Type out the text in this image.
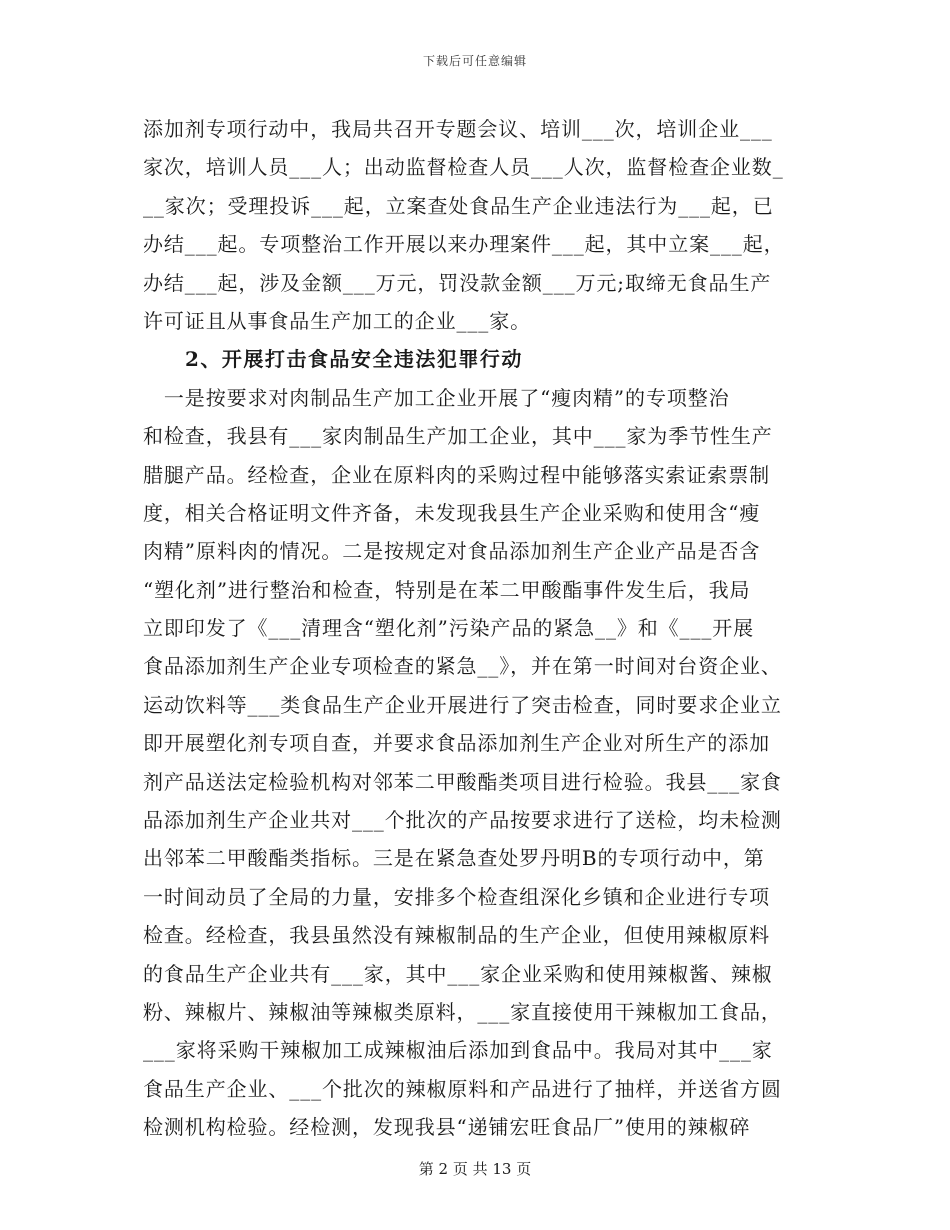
下载后可任意编辑
添加剂专项行动中，我局共召开专题会议、培训___次，培训企业___
家次，培训人员___人；出动监督检查人员___人次，监督检查企业数_
__家次；受理投诉___起，立案查处食品生产企业违法行为___起，已
办结___起。专项整治工作开展以来办理案件___起，其中立案___起，
办结___起，涉及金额___万元，罚没款金额___万元;取缔无食品生产
许可证且从事食品生产加工的企业___家。
2、开展打击食品安全违法犯罪行动
　一是按要求对肉制品生产加工企业开展了“瘦肉精”的专项整治
和检查，我县有___家肉制品生产加工企业，其中___家为季节性生产
腊腿产品。经检查，企业在原料肉的采购过程中能够落实索证索票制
度，相关合格证明文件齐备，未发现我县生产企业采购和使用含“瘦
肉精”原料肉的情况。二是按规定对食品添加剂生产企业产品是否含
“塑化剂”进行整治和检查，特别是在苯二甲酸酯事件发生后，我局
立即印发了《___清理含“塑化剂”污染产品的紧急__》和《___开展
食品添加剂生产企业专项检查的紧急__》，并在第一时间对台资企业、
运动饮料等___类食品生产企业开展进行了突击检查，同时要求企业立
即开展塑化剂专项自查，并要求食品添加剂生产企业对所生产的添加
剂产品送法定检验机构对邻苯二甲酸酯类项目进行检验。我县___家食
品添加剂生产企业共对___个批次的产品按要求进行了送检，均未检测
出邻苯二甲酸酯类指标。三是在紧急查处罗丹明B的专项行动中，第
一时间动员了全局的力量，安排多个检查组深化乡镇和企业进行专项
检查。经检查，我县虽然没有辣椒制品的生产企业，但使用辣椒原料
的食品生产企业共有___家，其中___家企业采购和使用辣椒酱、辣椒
粉、辣椒片、辣椒油等辣椒类原料，___家直接使用干辣椒加工食品，
___家将采购干辣椒加工成辣椒油后添加到食品中。我局对其中___家
食品生产企业、___个批次的辣椒原料和产品进行了抽样，并送省方圆
检测机构检验。经检测，发现我县“递铺宏旺食品厂”使用的辣椒碎
第 2 页 共 13 页
